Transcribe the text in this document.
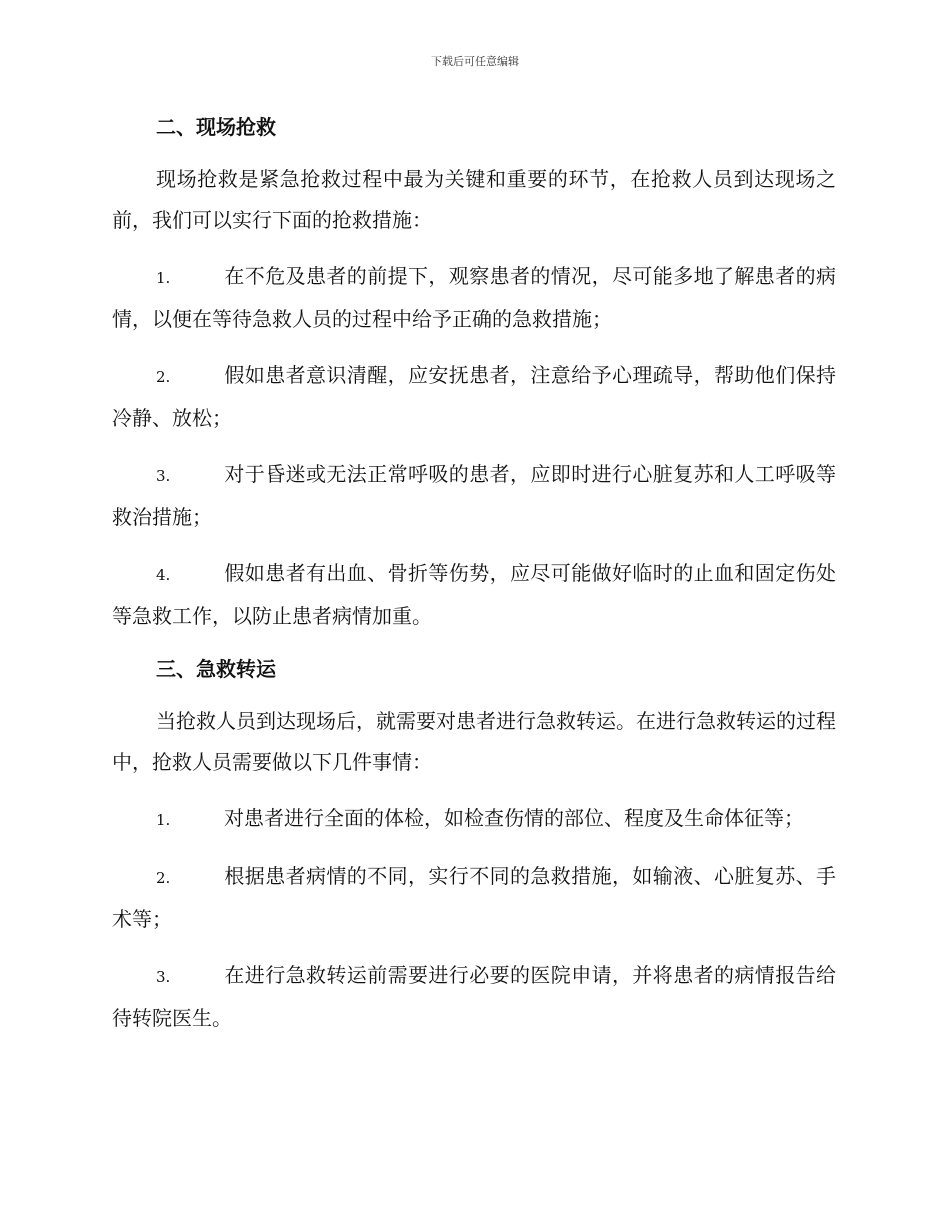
下载后可任意编辑
二、现场抢救

现场抢救是紧急抢救过程中最为关键和重要的环节，在抢救人员到达现场之前，我们可以实行下面的抢救措施：

1.	在不危及患者的前提下，观察患者的情况，尽可能多地了解患者的病情，以便在等待急救人员的过程中给予正确的急救措施；

2.	假如患者意识清醒，应安抚患者，注意给予心理疏导，帮助他们保持冷静、放松；

3.	对于昏迷或无法正常呼吸的患者，应即时进行心脏复苏和人工呼吸等救治措施；

4.	假如患者有出血、骨折等伤势，应尽可能做好临时的止血和固定伤处等急救工作，以防止患者病情加重。

三、急救转运

当抢救人员到达现场后，就需要对患者进行急救转运。在进行急救转运的过程中，抢救人员需要做以下几件事情：

1.	对患者进行全面的体检，如检查伤情的部位、程度及生命体征等；

2.	根据患者病情的不同，实行不同的急救措施，如输液、心脏复苏、手术等；

3.	在进行急救转运前需要进行必要的医院申请，并将患者的病情报告给待转院医生。
